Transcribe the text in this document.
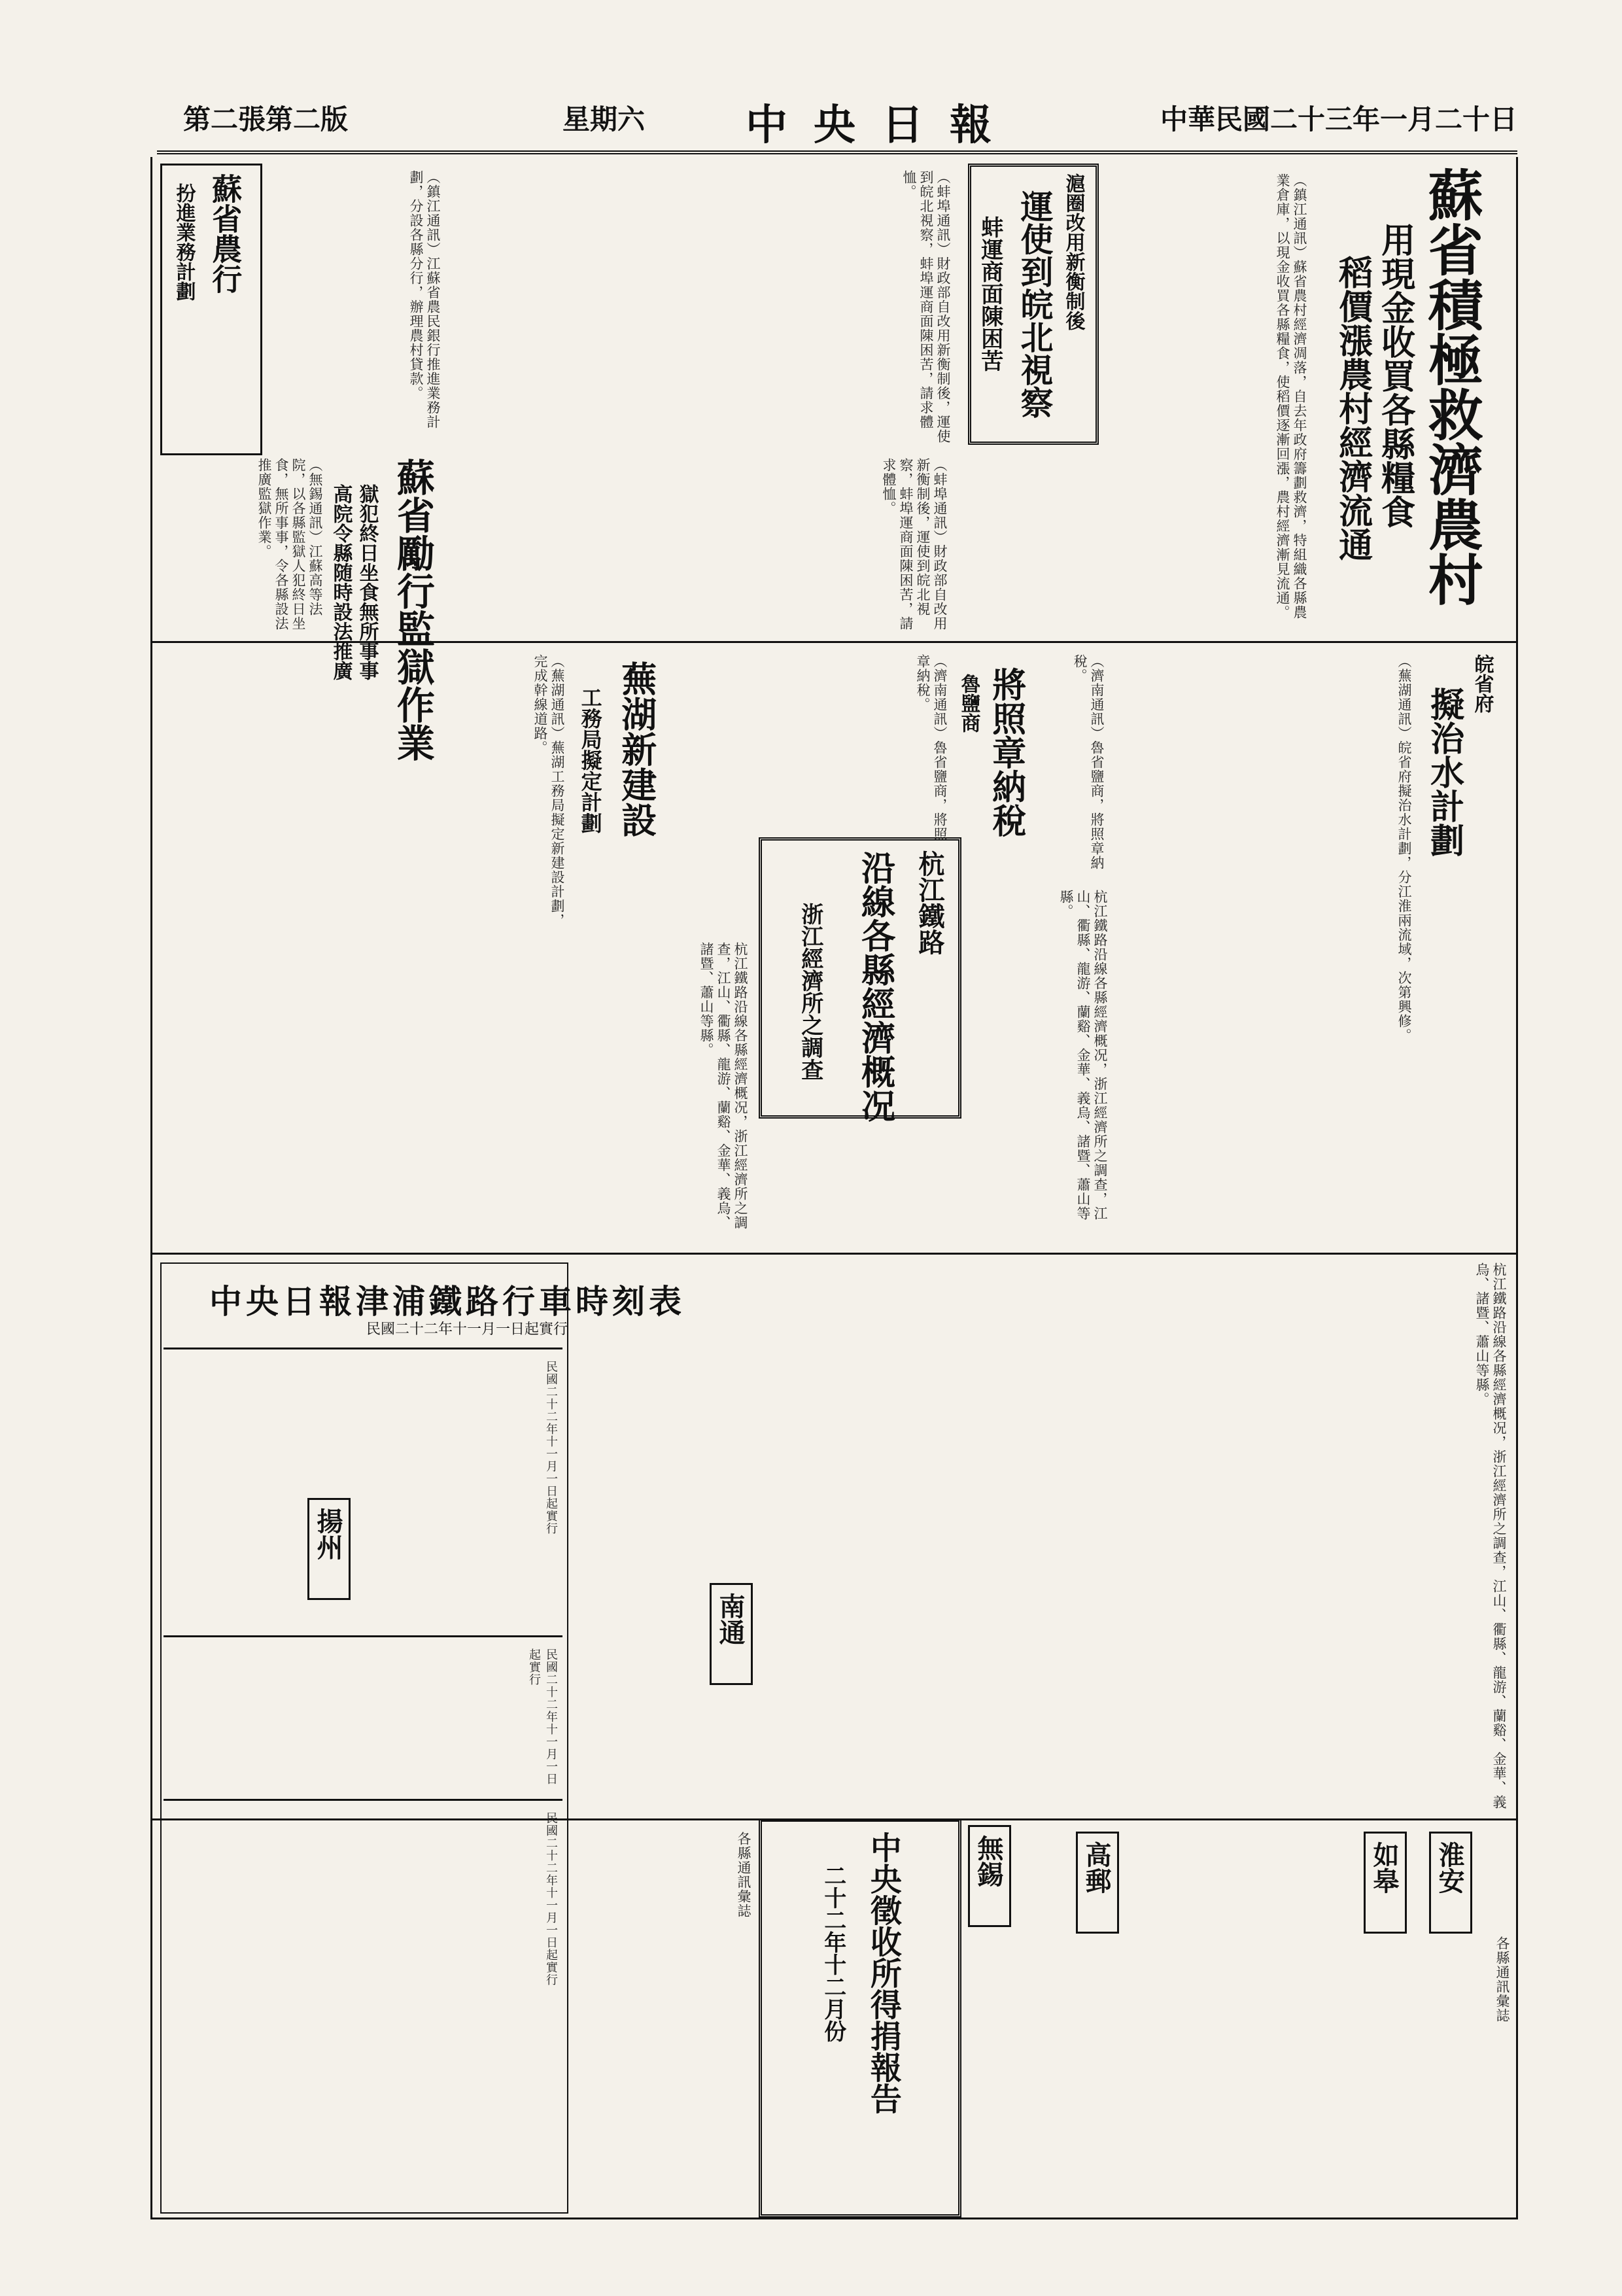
中華民國二十三年一月二十日
中央日報
星期六
第二張第二版
蘇省積極救濟農村
用現金收買各縣糧食
稻價漲農村經濟流通
（鎮江通訊）蘇省農村經濟凋落，自去年政府籌劃救濟，特組織各縣農業倉庫，以現金收買各縣糧食，使稻價逐漸回漲，農村經濟漸見流通。
滬圈改用新衡制後
運使到皖北視察
蚌運商面陳困苦
（蚌埠通訊）財政部自改用新衡制後，運使到皖北視察，蚌埠運商面陳困苦，請求體恤。
蘇省農行
扮進業務計劃	（鎮江通訊）江蘇省農民銀行推進業務計劃，分設各縣分行，辦理農村貸款。
蘇省勵行監獄作業
獄犯終日坐食無所事事
高院令縣随時設法推廣
（無錫通訊）江蘇高等法院，以各縣監獄人犯終日坐食，無所事事，令各縣設法推廣監獄作業。	（蚌埠通訊）財政部自改用新衡制後，運使到皖北視察，蚌埠運商面陳困苦，請求體恤。
皖省府
擬治水計劃
（蕪湖通訊）皖省府擬治水計劃，分江淮兩流域，次第興修。
將照章納稅
魯鹽商	（濟南通訊）魯省鹽商，將照章納稅。
（濟南通訊）魯省鹽商，將照章納稅。
蕪湖新建設
工務局擬定計劃
（蕪湖通訊）蕪湖工務局擬定新建設計劃，完成幹線道路。
杭江鐵路
沿線各縣經濟概况
浙江經濟所之調查
杭江鐵路沿線各縣經濟概况，浙江經濟所之調查，江山、衢縣、龍游、蘭谿、金華、義烏、諸暨、蕭山等縣。	杭江鐵路沿線各縣經濟概况，浙江經濟所之調查，江山、衢縣、龍游、蘭谿、金華、義烏、諸暨、蕭山等縣。
杭江鐵路沿線各縣經濟概况，浙江經濟所之調查，江山、衢縣、龍游、蘭谿、金華、義烏、諸暨、蕭山等縣。
淮安
如皋
高郵
無錫
南通
揚州
各縣通訊彙誌
中央徵收所得捐報告
二十二年十二月份
各縣通訊彙誌
中央日報津浦鐵路行車時刻表
民國二十二年十一月一日起實行
民國二十二年十一月一日起實行
民國二十二年十一月一日起實行
民國二十二年十一月一日起實行
